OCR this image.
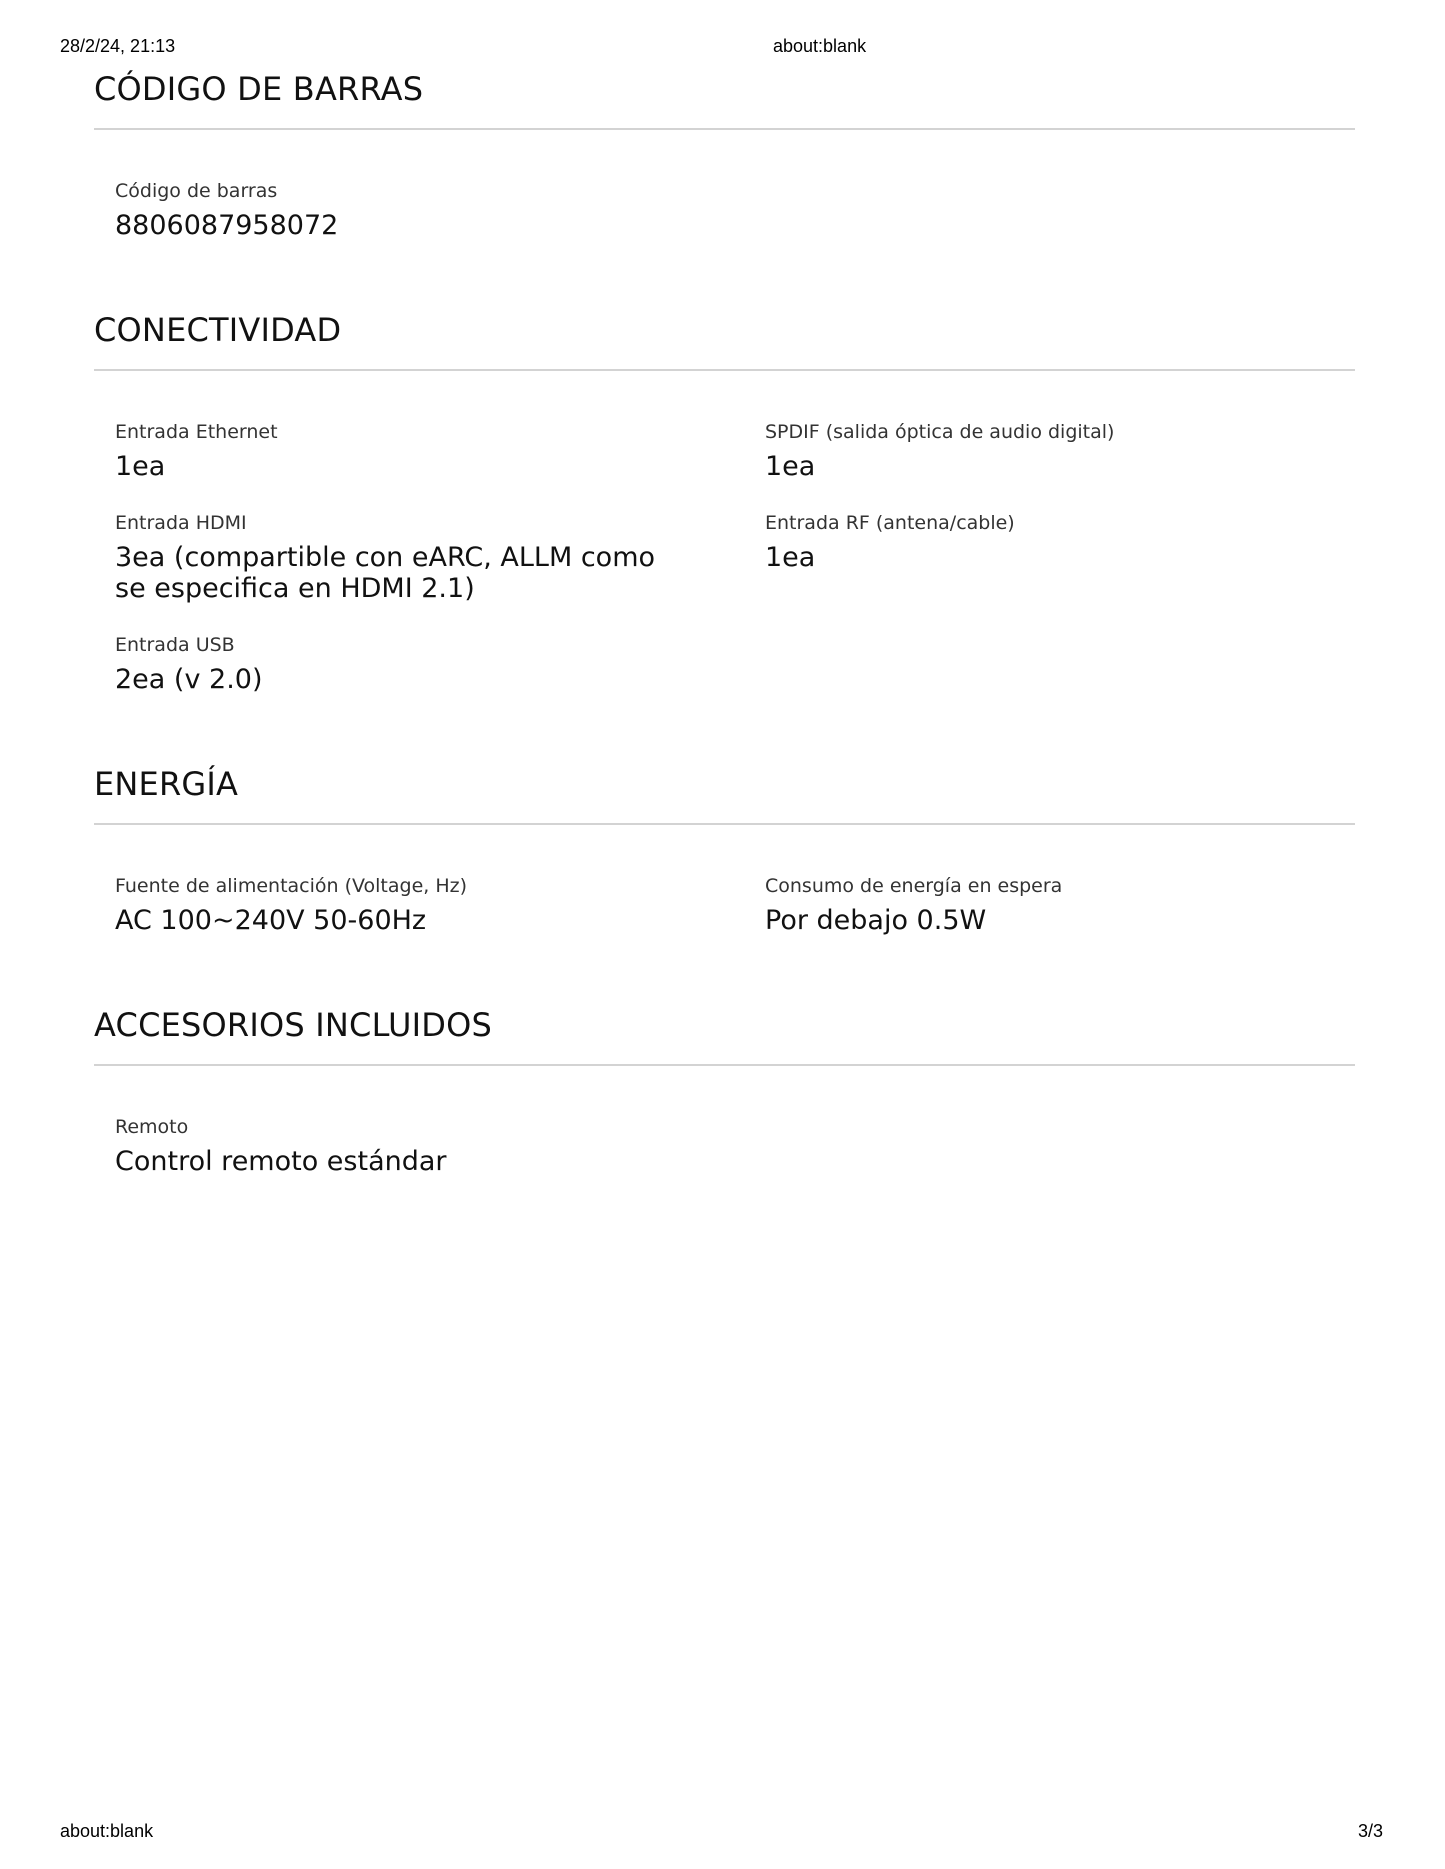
28/2/24, 21:13	about:blank
CÓDIGO DE BARRAS
Código de barras
8806087958072
CONECTIVIDAD
Entrada Ethernet
1ea
Entrada HDMI
3ea (compartible con eARC, ALLM como se especifica en HDMI 2.1)
Entrada USB
2ea (v 2.0)
SPDIF (salida óptica de audio digital)
1ea
Entrada RF (antena/cable)
1ea
ENERGÍA
Fuente de alimentación (Voltage, Hz)
AC 100~240V 50-60Hz
Consumo de energía en espera
Por debajo 0.5W
ACCESORIOS INCLUIDOS
Remoto
Control remoto estándar
about:blank	3/3
